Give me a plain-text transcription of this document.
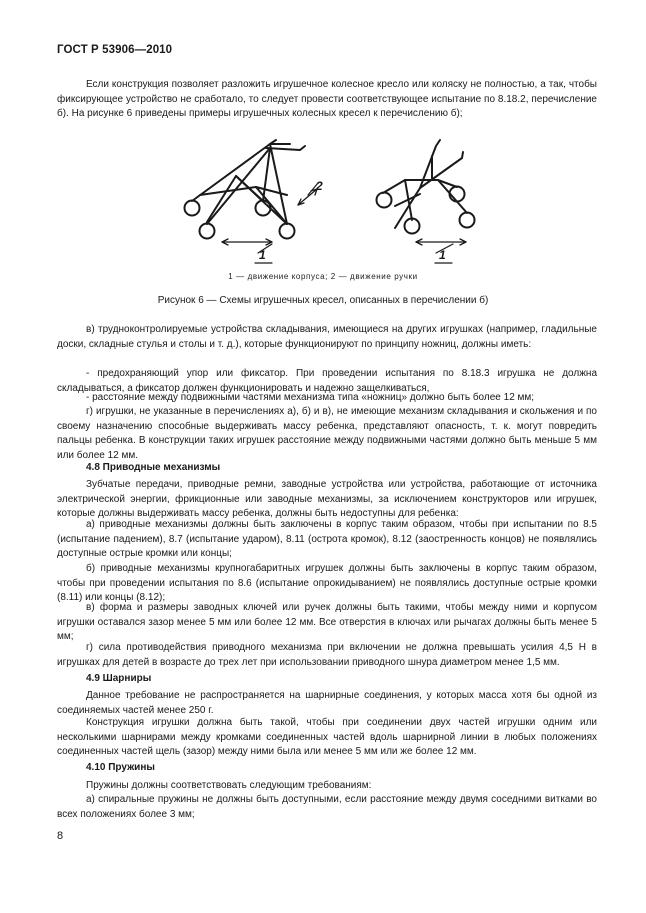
ГОСТ Р 53906—2010
Если конструкция позволяет разложить игрушечное колесное кресло или коляску не полностью, а так, чтобы фиксирующее устройство не сработало, то следует провести соответствующее испытание по 8.18.2, перечисление б). На рисунке 6 приведены примеры игрушечных колесных кресел к перечислению б);
1
2
1
1 — движение корпуса; 2 — движение ручки
Рисунок 6 — Схемы игрушечных кресел, описанных в перечислении б)
в) трудноконтролируемые устройства складывания, имеющиеся на других игрушках (например, гладильные доски, складные стулья и столы и т. д.), которые функционируют по принципу ножниц, должны иметь:
- предохраняющий упор или фиксатор. При проведении испытания по 8.18.3 игрушка не должна складываться, а фиксатор должен функционировать и надежно защелкиваться,
- расстояние между подвижными частями механизма типа «ножниц» должно быть более 12 мм;
г) игрушки, не указанные в перечислениях а), б) и в), не имеющие механизм складывания и скольжения и по своему назначению способные выдерживать массу ребенка, представляют опасность, т. к. могут повредить пальцы ребенка. В конструкции таких игрушек расстояние между подвижными частями должно быть меньше 5 мм или более 12 мм.
4.8 Приводные механизмы
Зубчатые передачи, приводные ремни, заводные устройства или устройства, работающие от источника электрической энергии, фрикционные или заводные механизмы, за исключением конструкторов или игрушек, которые должны выдерживать массу ребенка, должны быть недоступны для ребенка:
а) приводные механизмы должны быть заключены в корпус таким образом, чтобы при испытании по 8.5 (испытание падением), 8.7 (испытание ударом), 8.11 (острота кромок), 8.12 (заостренность концов) не появлялись доступные острые кромки или концы;
б) приводные механизмы крупногабаритных игрушек должны быть заключены в корпус таким образом, чтобы при проведении испытания по 8.6 (испытание опрокидыванием) не появлялись доступные острые кромки (8.11) или концы (8.12);
в) форма и размеры заводных ключей или ручек должны быть такими, чтобы между ними и корпусом игрушки оставался зазор менее 5 мм или более 12 мм. Все отверстия в ключах или рычагах должны быть менее 5 мм;
г) сила противодействия приводного механизма при включении не должна превышать усилия 4,5 Н в игрушках для детей в возрасте до трех лет при использовании приводного шнура диаметром менее 1,5 мм.
4.9 Шарниры
Данное требование не распространяется на шарнирные соединения, у которых масса хотя бы одной из соединяемых частей менее 250 г.
Конструкция игрушки должна быть такой, чтобы при соединении двух частей игрушки одним или несколькими шарнирами между кромками соединенных частей вдоль шарнирной линии в любых положениях соединенных частей щель (зазор) между ними была или менее 5 мм или же более 12 мм.
4.10 Пружины
Пружины должны соответствовать следующим требованиям:
а) спиральные пружины не должны быть доступными, если расстояние между двумя соседними витками во всех положениях более 3 мм;
8
